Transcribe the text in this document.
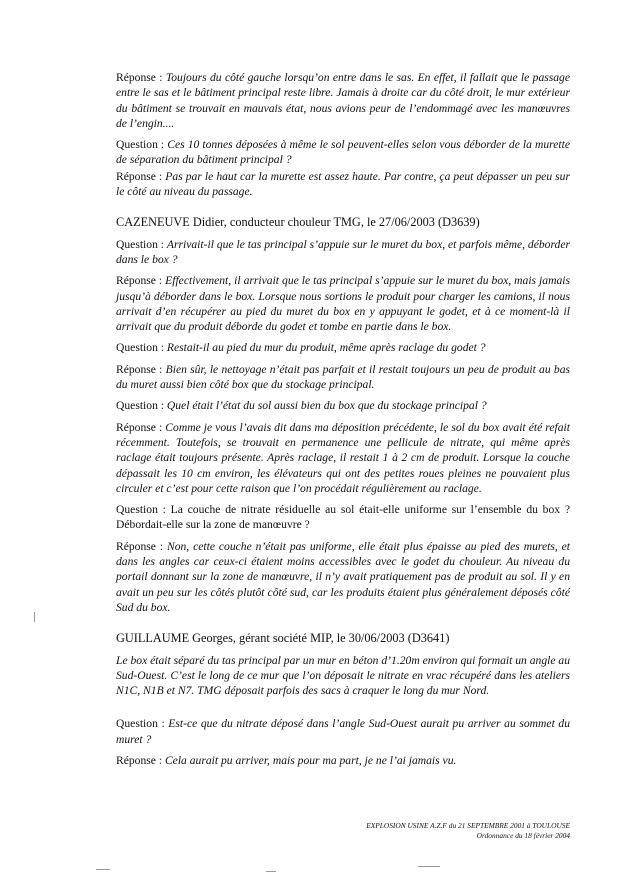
Réponse : Toujours du côté gauche lorsqu’on entre dans le sas. En effet, il fallait que le passage entre le sas et le bâtiment principal reste libre. Jamais à droite car du côté droit, le mur extérieur du bâtiment se trouvait en mauvais état, nous avions peur de l’endommagé avec les manœuvres de l’engin....

Question : Ces 10 tonnes déposées à même le sol peuvent-elles selon vous déborder de la murette de séparation du bâtiment principal ?

Réponse : Pas par le haut car la murette est assez haute. Par contre, ça peut dépasser un peu sur le côté au niveau du passage.

CAZENEUVE Didier, conducteur chouleur TMG, le 27/06/2003 (D3639)

Question : Arrivait-il que le tas principal s’appuie sur le muret du box, et parfois même, déborder dans le box ?

Réponse : Effectivement, il arrivait que le tas principal s’appuie sur le muret du box, mais jamais jusqu’à déborder dans le box. Lorsque nous sortions le produit pour charger les camions, il nous arrivait d’en récupérer au pied du muret du box en y appuyant le godet, et à ce moment-là il arrivait que du produit déborde du godet et tombe en partie dans le box.

Question : Restait-il au pied du mur du produit, même après raclage du godet ?

Réponse : Bien sûr, le nettoyage n’était pas parfait et il restait toujours un peu de produit au bas du muret aussi bien côté box que du stockage principal.

Question : Quel était l’état du sol aussi bien du box que du stockage principal ?

Réponse : Comme je vous l’avais dit dans ma déposition précédente, le sol du box avait été refait récemment. Toutefois, se trouvait en permanence une pellicule de nitrate, qui même après raclage était toujours présente. Après raclage, il restait 1 à 2 cm de produit. Lorsque la couche dépassait les 10 cm environ, les élévateurs qui ont des petites roues pleines ne pouvaient plus circuler et c’est pour cette raison que l’on procédait régulièrement au raclage.

Question : La couche de nitrate résiduelle au sol était-elle uniforme sur l’ensemble du box ? Débordait-elle sur la zone de manœuvre ?

Réponse : Non, cette couche n’était pas uniforme, elle était plus épaisse au pied des murets, et dans les angles car ceux-ci étaient moins accessibles avec le godet du chouleur. Au niveau du portail donnant sur la zone de manœuvre, il n’y avait pratiquement pas de produit au sol. Il y en avait un peu sur les côtés plutôt côté sud, car les produits étaient plus généralement déposés côté Sud du box.

GUILLAUME Georges, gérant société MIP, le 30/06/2003 (D3641)

Le box était séparé du tas principal par un mur en béton d’1.20m environ qui formait un angle au Sud-Ouest. C’est le long de ce mur que l’on déposait le nitrate en vrac récupéré dans les ateliers N1C, N1B et N7. TMG déposait parfois des sacs à craquer le long du mur Nord.

Question : Est-ce que du nitrate déposé dans l’angle Sud-Ouest aurait pu arriver au sommet du muret ?

Réponse : Cela aurait pu arriver, mais pour ma part, je ne l’ai jamais vu.

EXPLOSION USINE A.Z.F du 21 SEPTEMBRE 2001 à TOULOUSE
Ordonnance du 18 février 2004
